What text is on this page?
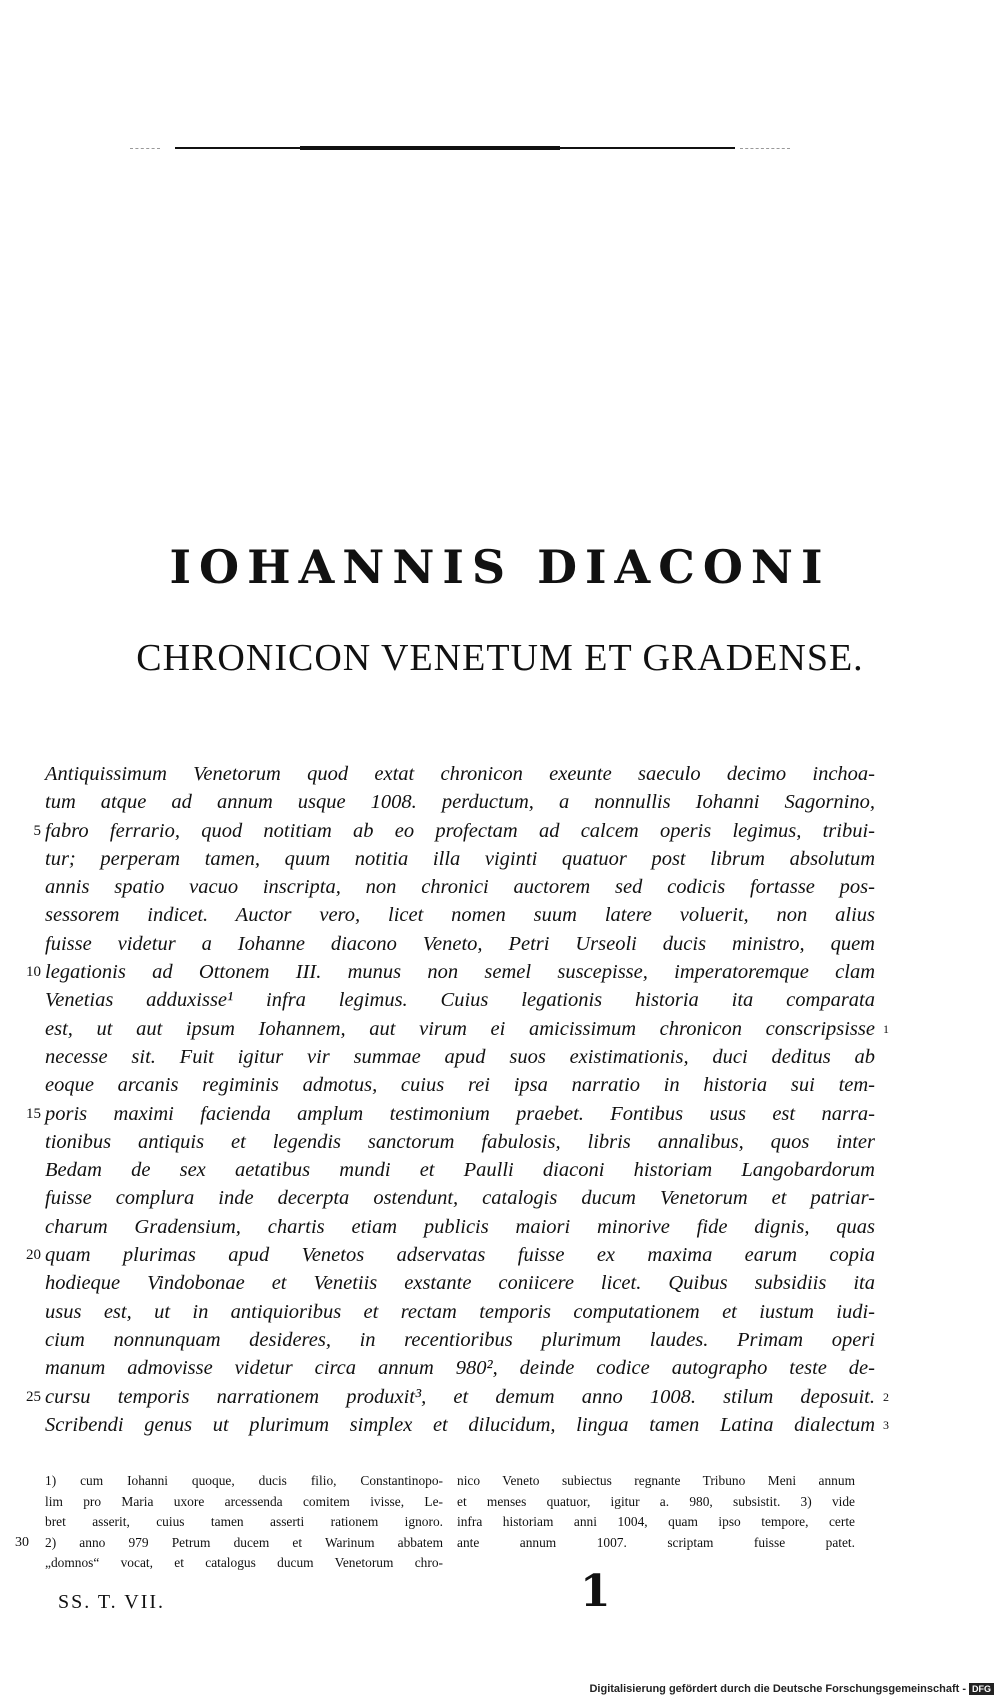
IOHANNIS DIACONI
CHRONICON VENETUM ET GRADENSE.
Antiquissimum Venetorum quod extat chronicon exeunte saeculo decimo inchoa-
tum atque ad annum usque 1008. perductum, a nonnullis Iohanni Sagornino,
5 fabro ferrario, quod notitiam ab eo profectam ad calcem operis legimus, tribui-
tur; perperam tamen, quum notitia illa viginti quatuor post librum absolutum
annis spatio vacuo inscripta, non chronici auctorem sed codicis fortasse pos-
sessorem indicet. Auctor vero, licet nomen suum latere voluerit, non alius
fuisse videtur a Iohanne diacono Veneto, Petri Urseoli ducis ministro, quem
10 legationis ad Ottonem III. munus non semel suscepisse, imperatoremque clam
Venetias adduxisse¹ infra legimus. Cuius legationis historia ita comparata
1
est, ut aut ipsum Iohannem, aut virum ei amicissimum chronicon conscripsisse
necesse sit. Fuit igitur vir summae apud suos existimationis, duci deditus ab
eoque arcanis regiminis admotus, cuius rei ipsa narratio in historia sui tem-
15 poris maximi facienda amplum testimonium praebet. Fontibus usus est narra-
tionibus antiquis et legendis sanctorum fabulosis, libris annalibus, quos inter
Bedam de sex aetatibus mundi et Paulli diaconi historiam Langobardorum
fuisse complura inde decerpta ostendunt, catalogis ducum Venetorum et patriar-
charum Gradensium, chartis etiam publicis maiori minorive fide dignis, quas
20 quam plurimas apud Venetos adservatas fuisse ex maxima earum copia
hodieque Vindobonae et Venetiis exstante coniicere licet. Quibus subsidiis ita
usus est, ut in antiquioribus et rectam temporis computationem et iustum iudi-
cium nonnunquam desideres, in recentioribus plurimum laudes. Primam operi
manum admovisse videtur circa annum 980², deinde codice autographo teste de-
2
25 cursu temporis narrationem produxit³, et demum anno 1008. stilum deposuit.
3
Scribendi genus ut plurimum simplex et dilucidum, lingua tamen Latina dialectum
1) cum Iohanni quoque, ducis filio, Constantinopo-
lim pro Maria uxore arcessenda comitem ivisse, Le-
bret asserit, cuius tamen asserti rationem ignoro.
30	2) anno 979 Petrum ducem et Warinum abbatem
„domnos“ vocat, et catalogus ducum Venetorum chro-
nico Veneto subiectus regnante Tribuno Meni annum
et menses quatuor, igitur a. 980, subsistit. 3) vide
infra historiam anni 1004, quam ipso tempore, certe
ante annum 1007. scriptam fuisse patet.
SS. T. VII.	1
Digitalisierung gefördert durch die Deutsche Forschungsgemeinschaft - DFG
